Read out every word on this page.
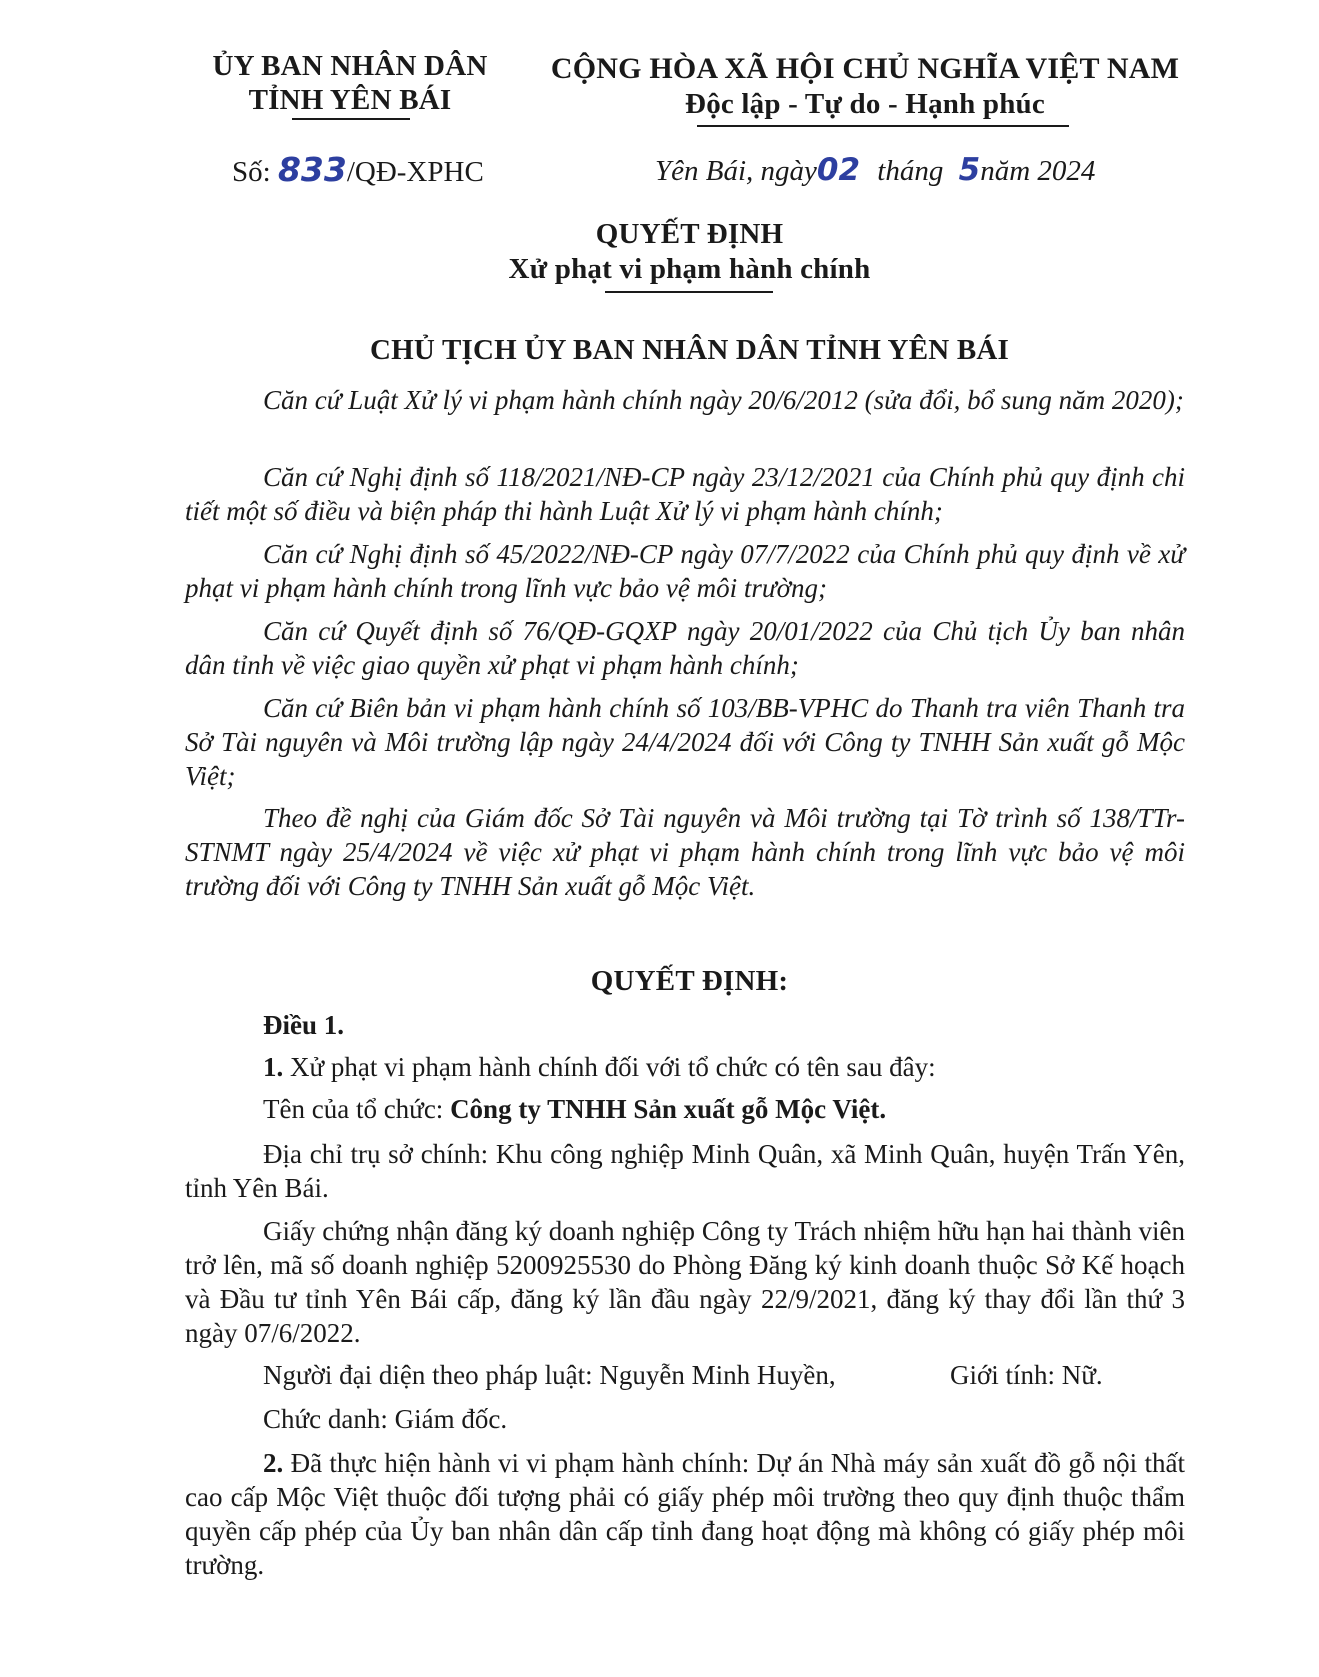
ỦY BAN NHÂN DÂN
TỈNH YÊN BÁI
CỘNG HÒA XÃ HỘI CHỦ NGHĨA VIỆT NAM
Độc lập - Tự do - Hạnh phúc
Số: 833/QĐ-XPHC	Yên Bái, ngày02 tháng 5năm 2024
QUYẾT ĐỊNH
Xử phạt vi phạm hành chính
CHỦ TỊCH ỦY BAN NHÂN DÂN TỈNH YÊN BÁI
Căn cứ Luật Xử lý vi phạm hành chính ngày 20/6/2012 (sửa đổi, bổ sung năm 2020);
Căn cứ Nghị định số 118/2021/NĐ-CP ngày 23/12/2021 của Chính phủ quy định chi tiết một số điều và biện pháp thi hành Luật Xử lý vi phạm hành chính;
Căn cứ Nghị định số 45/2022/NĐ-CP ngày 07/7/2022 của Chính phủ quy định về xử phạt vi phạm hành chính trong lĩnh vực bảo vệ môi trường;
Căn cứ Quyết định số 76/QĐ-GQXP ngày 20/01/2022 của Chủ tịch Ủy ban nhân dân tỉnh về việc giao quyền xử phạt vi phạm hành chính;
Căn cứ Biên bản vi phạm hành chính số 103/BB-VPHC do Thanh tra viên Thanh tra Sở Tài nguyên và Môi trường lập ngày 24/4/2024 đối với Công ty TNHH Sản xuất gỗ Mộc Việt;
Theo đề nghị của Giám đốc Sở Tài nguyên và Môi trường tại Tờ trình số 138/TTr-STNMT ngày 25/4/2024 về việc xử phạt vi phạm hành chính trong lĩnh vực bảo vệ môi trường đối với Công ty TNHH Sản xuất gỗ Mộc Việt.
QUYẾT ĐỊNH:
Điều 1.
1. Xử phạt vi phạm hành chính đối với tổ chức có tên sau đây:
Tên của tổ chức: Công ty TNHH Sản xuất gỗ Mộc Việt.
Địa chỉ trụ sở chính: Khu công nghiệp Minh Quân, xã Minh Quân, huyện Trấn Yên, tỉnh Yên Bái.
Giấy chứng nhận đăng ký doanh nghiệp Công ty Trách nhiệm hữu hạn hai thành viên trở lên, mã số doanh nghiệp 5200925530 do Phòng Đăng ký kinh doanh thuộc Sở Kế hoạch và Đầu tư tỉnh Yên Bái cấp, đăng ký lần đầu ngày 22/9/2021, đăng ký thay đổi lần thứ 3 ngày 07/6/2022.
Người đại diện theo pháp luật: Nguyễn Minh Huyền,	Giới tính: Nữ.
Chức danh: Giám đốc.
2. Đã thực hiện hành vi vi phạm hành chính: Dự án Nhà máy sản xuất đồ gỗ nội thất cao cấp Mộc Việt thuộc đối tượng phải có giấy phép môi trường theo quy định thuộc thẩm quyền cấp phép của Ủy ban nhân dân cấp tỉnh đang hoạt động mà không có giấy phép môi trường.
